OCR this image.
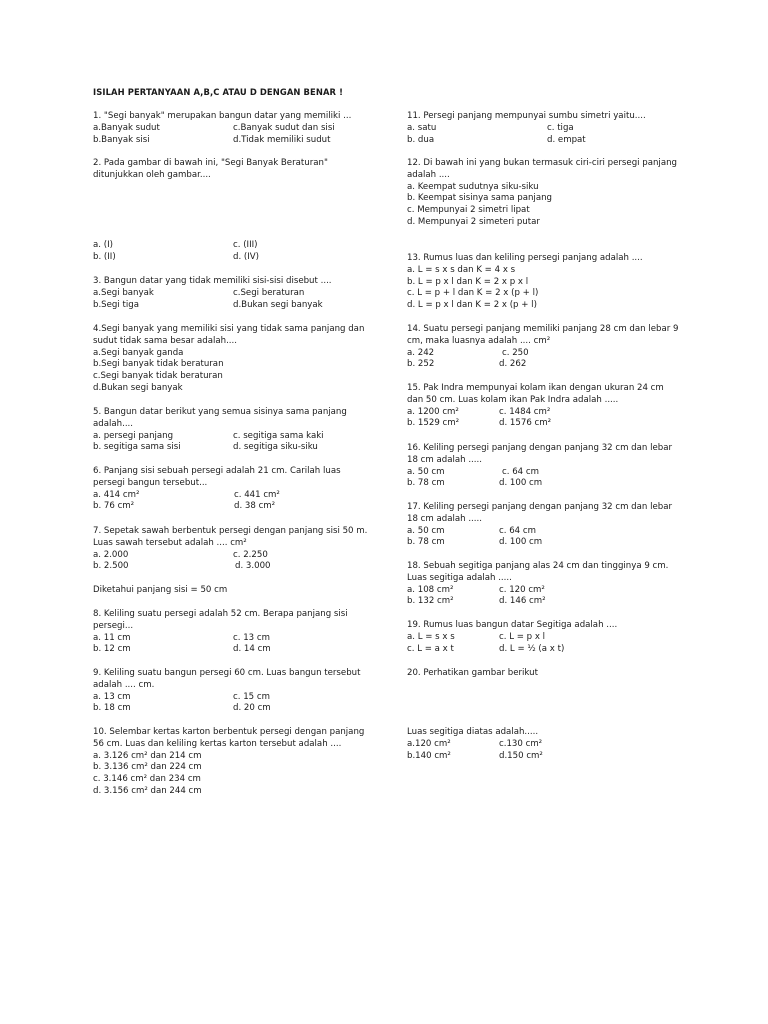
ISILAH PERTANYAAN A,B,C ATAU D DENGAN BENAR !
1. "Segi banyak" merupakan bangun datar yang memiliki ...
a.Banyak sudut	c.Banyak sudut dan sisi
b.Banyak sisi	d.Tidak memiliki sudut
2. Pada gambar di bawah ini, "Segi Banyak Beraturan" ditunjukkan oleh gambar....
a. (I)	c. (III)
b. (II)	d. (IV)
3. Bangun datar yang tidak memiliki sisi-sisi disebut ....
a.Segi banyak	c.Segi beraturan
b.Segi tiga	d.Bukan segi banyak
4.Segi banyak yang memiliki sisi yang tidak sama panjang dan sudut tidak sama besar adalah....
a.Segi banyak ganda
b.Segi banyak tidak beraturan
c.Segi banyak tidak beraturan
d.Bukan segi banyak
5. Bangun datar berikut yang semua sisinya sama panjang adalah....
a. persegi panjang	c. segitiga sama kaki
b. segitiga sama sisi	d. segitiga siku-siku
6. Panjang sisi sebuah persegi adalah 21 cm. Carilah luas persegi bangun tersebut...
a. 414 cm²	c. 441 cm²
b. 76 cm²	d. 38 cm²
7. Sepetak sawah berbentuk persegi dengan panjang sisi 50 m. Luas sawah tersebut adalah .... cm²
a. 2.000	c. 2.250
b. 2.500	d. 3.000
Diketahui panjang sisi = 50 cm
8. Keliling suatu persegi adalah 52 cm. Berapa panjang sisi persegi...
a. 11 cm	c. 13 cm
b. 12 cm	d. 14 cm
9. Keliling suatu bangun persegi 60 cm. Luas bangun tersebut adalah .... cm.
a. 13 cm	c. 15 cm
b. 18 cm	d. 20 cm
10. Selembar kertas karton berbentuk persegi dengan panjang 56 cm. Luas dan keliling kertas karton tersebut adalah ....
a. 3.126 cm² dan 214 cm
b. 3.136 cm² dan 224 cm
c. 3.146 cm² dan 234 cm
d. 3.156 cm² dan 244 cm
11. Persegi panjang mempunyai sumbu simetri yaitu....
a. satu	c. tiga
b. dua	d. empat
12. Di bawah ini yang bukan termasuk ciri-ciri persegi panjang adalah ....
a. Keempat sudutnya siku-siku
b. Keempat sisinya sama panjang
c. Mempunyai 2 simetri lipat
d. Mempunyai 2 simeteri putar
13. Rumus luas dan keliling persegi panjang adalah ....
a. L = s x s dan K = 4 x s
b. L = p x l dan K = 2 x p x l
c. L = p + l dan K = 2 x (p + l)
d. L = p x l dan K = 2 x (p + l)
14. Suatu persegi panjang memiliki panjang 28 cm dan lebar 9 cm, maka luasnya adalah .... cm²
a. 242	c. 250
b. 252	d. 262
15. Pak Indra mempunyai kolam ikan dengan ukuran 24 cm dan 50 cm. Luas kolam ikan Pak Indra adalah .....
a. 1200 cm²	c. 1484 cm²
b. 1529 cm²	d. 1576 cm²
16. Keliling persegi panjang dengan panjang 32 cm dan lebar 18 cm adalah .....
a. 50 cm	c. 64 cm
b. 78 cm	d. 100 cm
17. Keliling persegi panjang dengan panjang 32 cm dan lebar 18 cm adalah .....
a. 50 cm	c. 64 cm
b. 78 cm	d. 100 cm
18. Sebuah segitiga panjang alas 24 cm dan tingginya 9 cm. Luas segitiga adalah .....
a. 108 cm²	c. 120 cm²
b. 132 cm²	d. 146 cm²
19. Rumus luas bangun datar Segitiga adalah ....
a. L = s x s	c. L = p x l
c. L = a x t	d. L = ½ (a x t)
20. Perhatikan gambar berikut
Luas segitiga diatas adalah.....
a.120 cm²	c.130 cm²
b.140 cm²	d.150 cm²
